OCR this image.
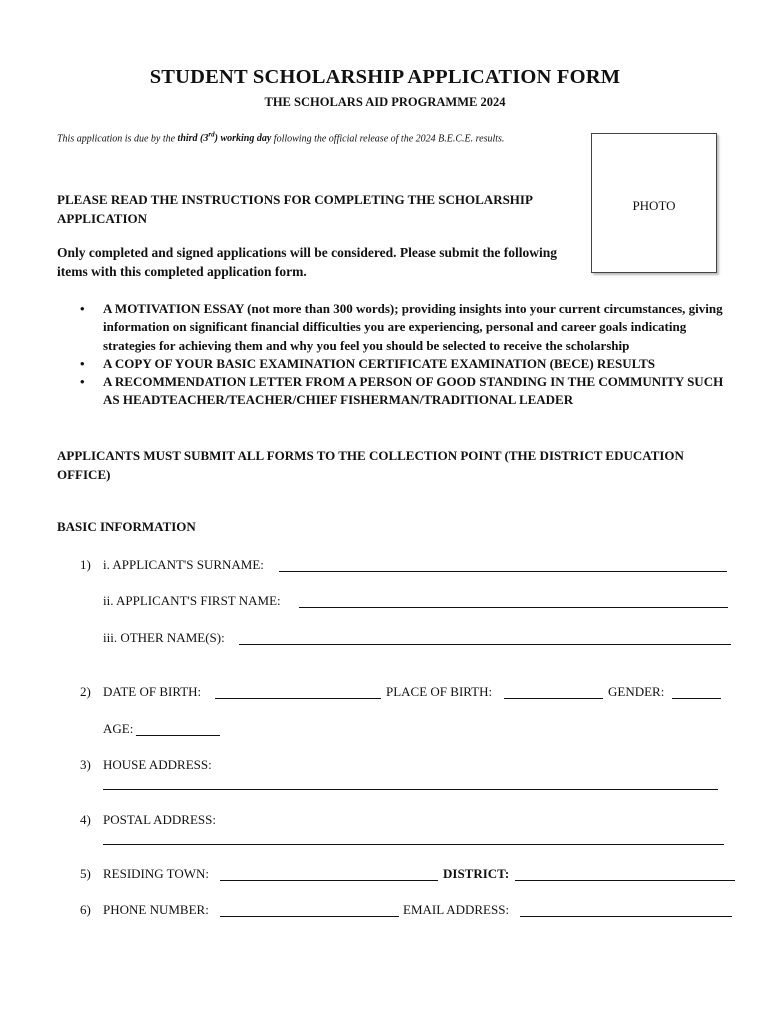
STUDENT SCHOLARSHIP APPLICATION FORM
THE SCHOLARS AID PROGRAMME 2024
This application is due by the third (3rd) working day following the official release of the 2024 B.E.C.E. results.
PHOTO
PLEASE READ THE INSTRUCTIONS FOR COMPLETING THE SCHOLARSHIP APPLICATION
Only completed and signed applications will be considered. Please submit the following items with this completed application form.
• A MOTIVATION ESSAY (not more than 300 words); providing insights into your current circumstances, giving information on significant financial difficulties you are experiencing, personal and career goals indicating strategies for achieving them and why you feel you should be selected to receive the scholarship
• A COPY OF YOUR BASIC EXAMINATION CERTIFICATE EXAMINATION (BECE) RESULTS
• A RECOMMENDATION LETTER FROM A PERSON OF GOOD STANDING IN THE COMMUNITY SUCH AS HEADTEACHER/TEACHER/CHIEF FISHERMAN/TRADITIONAL LEADER
APPLICANTS MUST SUBMIT ALL FORMS TO THE COLLECTION POINT (THE DISTRICT EDUCATION OFFICE)
BASIC INFORMATION
1) i. APPLICANT'S SURNAME:
ii. APPLICANT'S FIRST NAME:
iii. OTHER NAME(S):
2) DATE OF BIRTH:	PLACE OF BIRTH:	GENDER:
AGE:
3) HOUSE ADDRESS:
4) POSTAL ADDRESS:
5) RESIDING TOWN:	DISTRICT:
6) PHONE NUMBER:	EMAIL ADDRESS:
